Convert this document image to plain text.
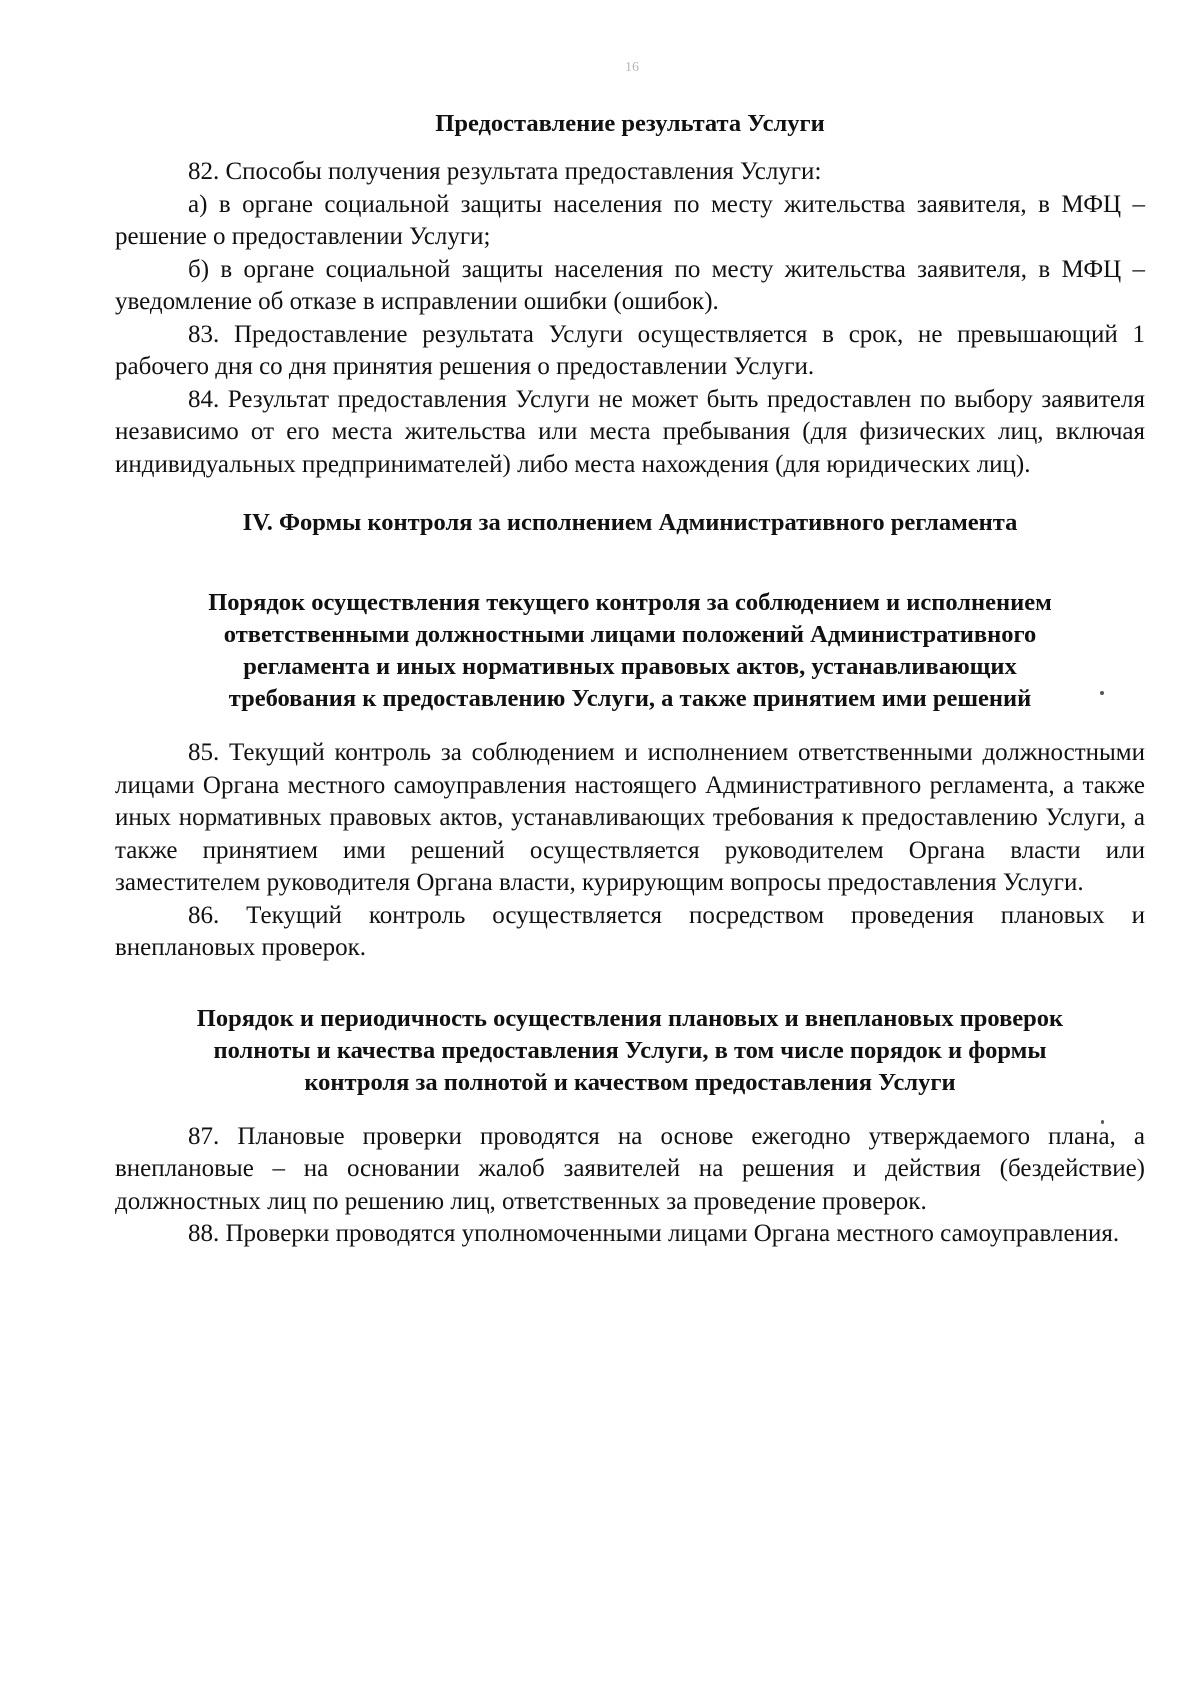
16

Предоставление результата Услуги

82. Способы получения результата предоставления Услуги:

а) в органе социальной защиты населения по месту жительства заявителя, в МФЦ – решение о предоставлении Услуги;

б) в органе социальной защиты населения по месту жительства заявителя, в МФЦ – уведомление об отказе в исправлении ошибки (ошибок).

83. Предоставление результата Услуги осуществляется в срок, не превышающий 1 рабочего дня со дня принятия решения о предоставлении Услуги.

84. Результат предоставления Услуги не может быть предоставлен по выбору заявителя независимо от его места жительства или места пребывания (для физических лиц, включая индивидуальных предпринимателей) либо места нахождения (для юридических лиц).

IV. Формы контроля за исполнением Административного регламента

Порядок осуществления текущего контроля за соблюдением и исполнением
ответственными должностными лицами положений Административного
регламента и иных нормативных правовых актов, устанавливающих
требования к предоставлению Услуги, а также принятием ими решений

85. Текущий контроль за соблюдением и исполнением ответственными должностными лицами Органа местного самоуправления настоящего Административного регламента, а также иных нормативных правовых актов, устанавливающих требования к предоставлению Услуги, а также принятием ими решений осуществляется руководителем Органа власти или заместителем руководителя Органа власти, курирующим вопросы предоставления Услуги.

86. Текущий контроль осуществляется посредством проведения плановых и внеплановых проверок.

Порядок и периодичность осуществления плановых и внеплановых проверок
полноты и качества предоставления Услуги, в том числе порядок и формы
контроля за полнотой и качеством предоставления Услуги

87. Плановые проверки проводятся на основе ежегодно утверждаемого плана, а внеплановые – на основании жалоб заявителей на решения и действия (бездействие) должностных лиц по решению лиц, ответственных за проведение проверок.

88. Проверки проводятся уполномоченными лицами Органа местного самоуправления.
